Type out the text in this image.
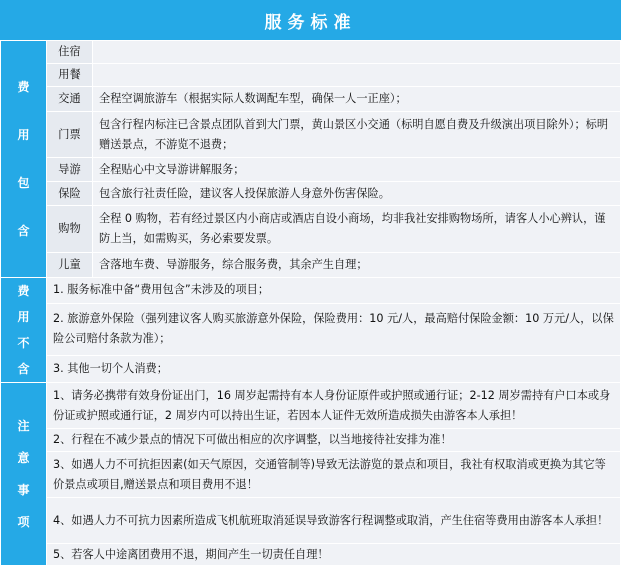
服务标准
费
用
包
含	住宿	
	用餐	
	交通	全程空调旅游车（根据实际人数调配车型，确保一人一正座）；
	门票	包含行程内标注已含景点团队首到大门票，黄山景区小交通（标明自愿自费及升级演出项目除外）；标明赠送景点，不游览不退费；
	导游	全程贴心中文导游讲解服务；
	保险	包含旅行社责任险，建议客人投保旅游人身意外伤害保险。
	购物	全程 0 购物，若有经过景区内小商店或酒店自设小商场，均非我社安排购物场所，请客人小心辨认，谨防上当，如需购买，务必索要发票。
	儿童	含落地车费、导游服务，综合服务费，其余产生自理；

费
用
不
含	1. 服务标准中备“费用包含”未涉及的项目；	
	2. 旅游意外保险（强列建议客人购买旅游意外保险，保险费用：10 元/人，最高赔付保险金额：10 万元/人，以保险公司赔付条款为准）；	
	3. 其他一切个人消费；	

注
意
事
项	1、请务必携带有效身份证出门，16 周岁起需持有本人身份证原件或护照或通行证；2-12 周岁需持有户口本或身份证或护照或通行证，2 周岁内可以持出生证，若因本人证件无效所造成损失由游客本人承担！	
	2、行程在不减少景点的情况下可做出相应的次序调整，以当地接待社安排为准！	
	3、如遇人力不可抗拒因素(如天气原因，交通管制等)导致无法游览的景点和项目，我社有权取消或更换为其它等价景点或项目,赠送景点和项目费用不退！	
	4、如遇人力不可抗力因素所造成飞机航班取消延误导致游客行程调整或取消，产生住宿等费用由游客本人承担！	
	5、若客人中途离团费用不退，期间产生一切责任自理！	
